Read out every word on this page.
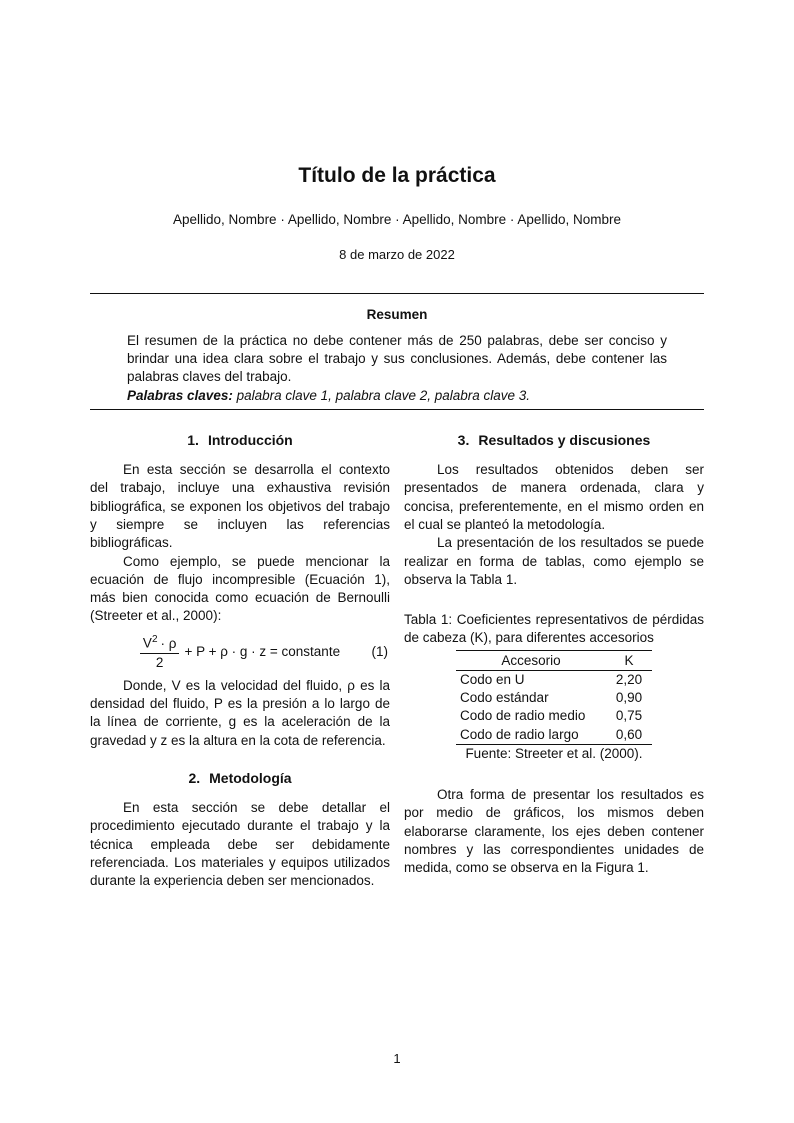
Título de la práctica
Apellido, Nombre · Apellido, Nombre · Apellido, Nombre · Apellido, Nombre
8 de marzo de 2022
Resumen

El resumen de la práctica no debe contener más de 250 palabras, debe ser conciso y brindar una idea clara sobre el trabajo y sus conclusiones. Además, debe contener las palabras claves del trabajo.

Palabras claves: palabra clave 1, palabra clave 2, palabra clave 3.

1. Introducción

En esta sección se desarrolla el contexto del trabajo, incluye una exhaustiva revisión bibliográfica, se exponen los objetivos del trabajo y siempre se incluyen las referencias bibliográficas.

Como ejemplo, se puede mencionar la ecuación de flujo incompresible (Ecuación 1), más bien conocida como ecuación de Bernoulli (Streeter et al., 2000):

$\frac{V^2 \cdot \rho}{2} + P + \rho \cdot g \cdot z$ = constante (1)

Donde, V es la velocidad del fluido, ρ es la densidad del fluido, P es la presión a lo largo de la línea de corriente, g es la aceleración de la gravedad y z es la altura en la cota de referencia.

2. Metodología

En esta sección se debe detallar el procedimiento ejecutado durante el trabajo y la técnica empleada debe ser debidamente referenciada. Los materiales y equipos utilizados durante la experiencia deben ser mencionados.

3. Resultados y discusiones

Los resultados obtenidos deben ser presentados de manera ordenada, clara y concisa, preferentemente, en el mismo orden en el cual se planteó la metodología.

La presentación de los resultados se puede realizar en forma de tablas, como ejemplo se observa la Tabla 1.

Tabla 1: Coeficientes representativos de pérdidas de cabeza (K), para diferentes accesorios

Accesorio	K
Codo en U	2,20
Codo estándar	0,90
Codo de radio medio	0,75
Codo de radio largo	0,60
Fuente: Streeter et al. (2000).

Otra forma de presentar los resultados es por medio de gráficos, los mismos deben elaborarse claramente, los ejes deben contener nombres y las correspondientes unidades de medida, como se observa en la Figura 1.

1
